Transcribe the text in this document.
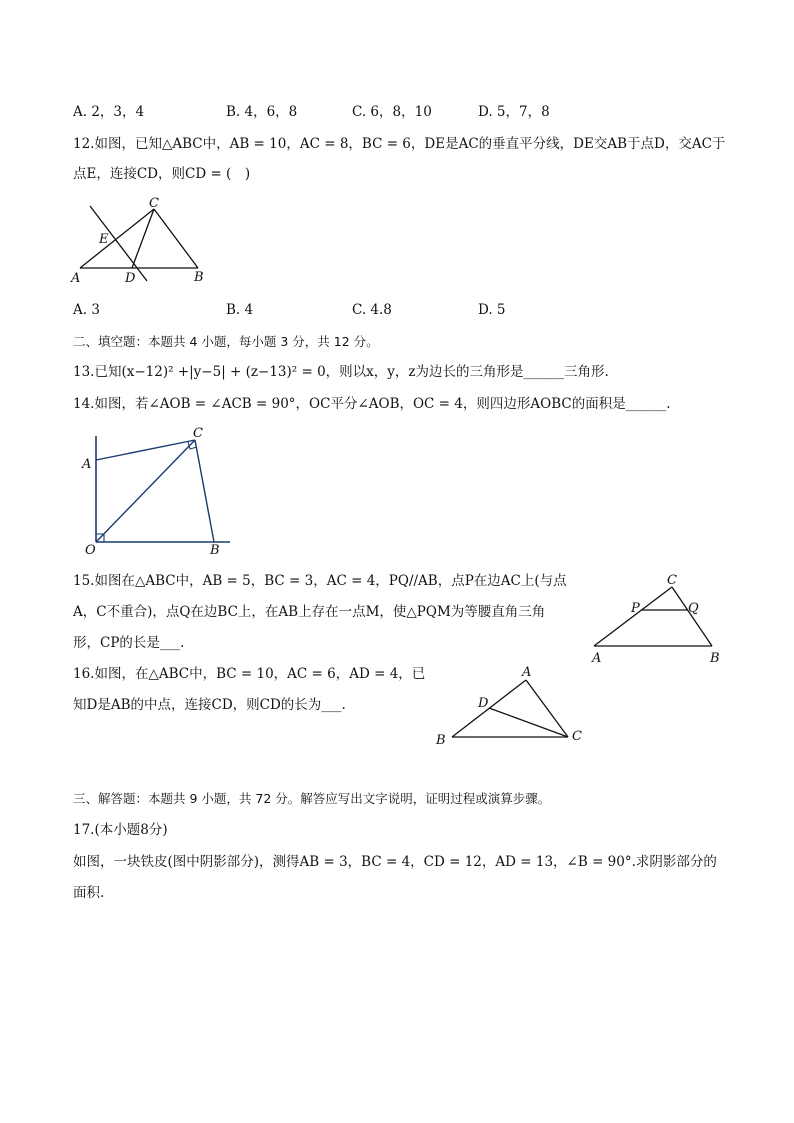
A. 2，3，4	B. 4，6，8	C. 6，8，10	D. 5，7，8
12.如图，已知△ABC中，AB = 10，AC = 8，BC = 6，DE是AC的垂直平分线，DE交AB于点D，交AC于
点E，连接CD，则CD = (　)
A	B
C
D
E
A. 3	B. 4	C. 4.8	D. 5
二、填空题：本题共 4 小题，每小题 3 分，共 12 分。
13.已知(x−12)² +|y−5| + (z−13)² = 0，则以x，y，z为边长的三角形是______三角形.
14.如图，若∠AOB = ∠ACB = 90°，OC平分∠AOB，OC = 4，则四边形AOBC的面积是______.
A
C
O	B
15.如图在△ABC中，AB = 5，BC = 3，AC = 4，PQ//AB，点P在边AC上(与点
A，C不重合)，点Q在边BC上，在AB上存在一点M，使△PQM为等腰直角三角
形，CP的长是___.
C
P	Q
A	B
16.如图，在△ABC中，BC = 10，AC = 6，AD = 4，已
知D是AB的中点，连接CD，则CD的长为___.
A
D
B	C
三、解答题：本题共 9 小题，共 72 分。解答应写出文字说明，证明过程或演算步骤。
17.(本小题8分)
如图，一块铁皮(图中阴影部分)，测得AB = 3，BC = 4，CD = 12，AD = 13，∠B = 90°.求阴影部分的
面积.
